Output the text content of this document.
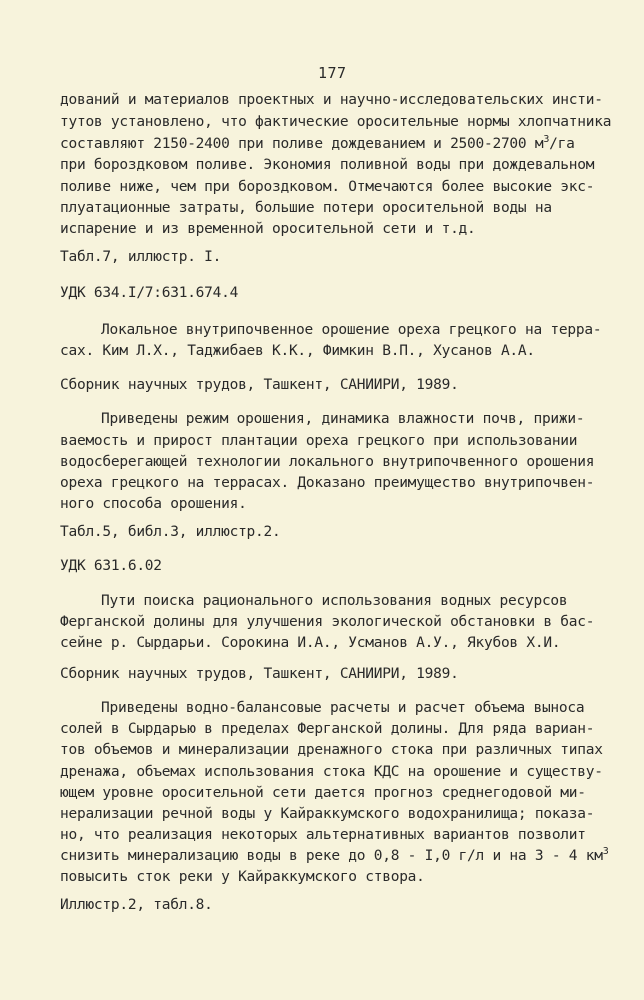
177
дований и материалов проектных и научно-исследовательских инсти-
тутов установлено, что фактические оросительные нормы хлопчатника
составляют 2150-2400 при поливе дождеванием и 2500-2700 $м^3/га$
при бороздковом поливе. Экономия поливной воды при дождевальном
поливе ниже, чем при бороздковом. Отмечаются более высокие экс-
плуатационные затраты, большие потери оросительной воды на
испарение и из временной оросительной сети и т.д.
Табл.7, иллюстр. I.
УДК 634.I/7:631.674.4
Локальное внутрипочвенное орошение ореха грецкого на терра-
сах. Ким Л.Х., Таджибаев К.К., Фимкин В.П., Хусанов А.А.
Сборник научных трудов, Ташкент, САНИИРИ, 1989.
Приведены режим орошения, динамика влажности почв, прижи-
ваемость и прирост плантации ореха грецкого при использовании
водосберегающей технологии локального внутрипочвенного орошения
ореха грецкого на террасах. Доказано преимущество внутрипочвен-
ного способа орошения.
Табл.5, библ.3, иллюстр.2.
УДК 631.6.02
Пути поиска рационального использования водных ресурсов
Ферганской долины для улучшения экологической обстановки в бас-
сейне р. Сырдарьи. Сорокина И.А., Усманов А.У., Якубов Х.И.
Сборник научных трудов, Ташкент, САНИИРИ, 1989.
Приведены водно-балансовые расчеты и расчет объема выноса
солей в Сырдарью в пределах Ферганской долины. Для ряда вариан-
тов объемов и минерализации дренажного стока при различных типах
дренажа, объемах использования стока КДС на орошение и существу-
ющем уровне оросительной сети дается прогноз среднегодовой ми-
нерализации речной воды у Кайраккумского водохранилища; показа-
но, что реализация некоторых альтернативных вариантов позволит
снизить минерализацию воды в реке до 0,8 - I,0 г/л и на 3 - 4 $км^3$
повысить сток реки у Кайраккумского створа.
Иллюстр.2, табл.8.
